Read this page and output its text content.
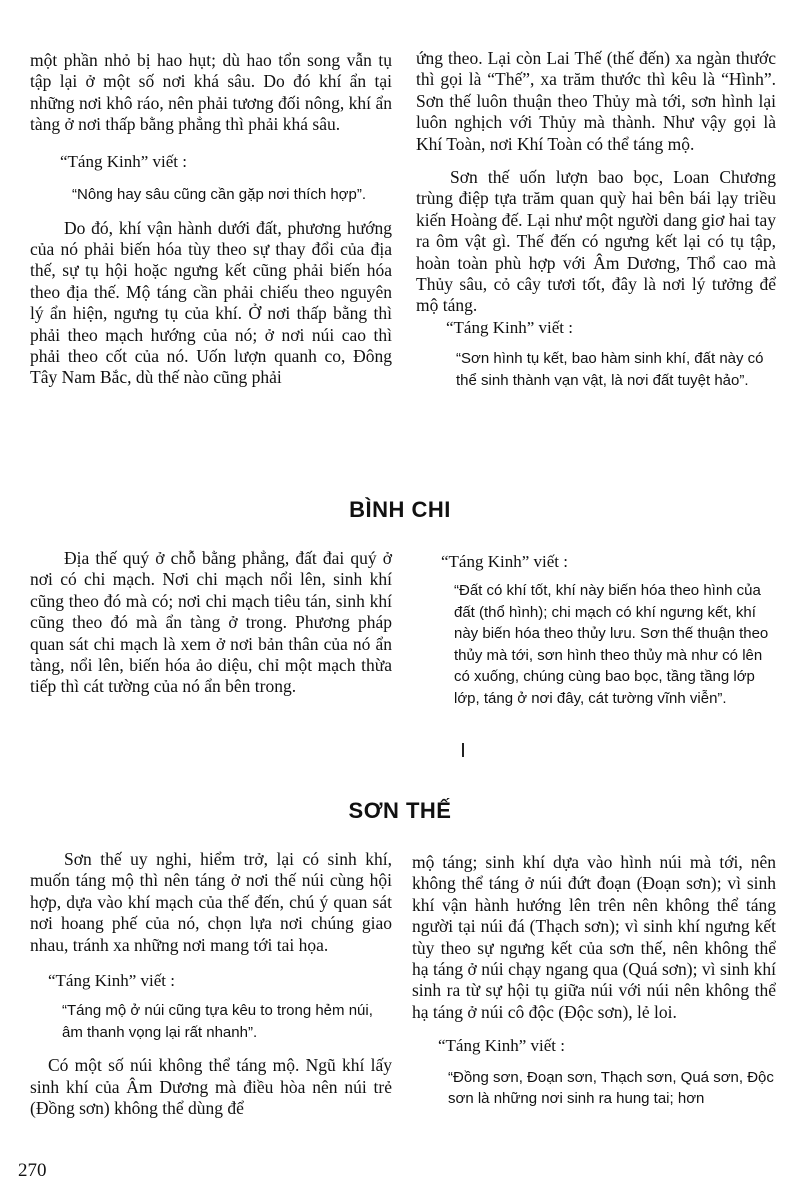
một phần nhỏ bị hao hụt; dù hao tổn song vẫn tụ tập lại ở một số nơi khá sâu. Do đó khí ẩn tại những nơi khô ráo, nên phải tương đối nông, khí ẩn tàng ở nơi thấp bằng phẳng thì phải khá sâu.

“Táng Kinh” viết :

“Nông hay sâu cũng cần gặp nơi thích hợp”.

Do đó, khí vận hành dưới đất, phương hướng của nó phải biến hóa tùy theo sự thay đổi của địa thế, sự tụ hội hoặc ngưng kết cũng phải biến hóa theo địa thế. Mộ táng cần phải chiếu theo nguyên lý ẩn hiện, ngưng tụ của khí. Ở nơi thấp bằng thì phải theo mạch hướng của nó; ở nơi núi cao thì phải theo cốt của nó. Uốn lượn quanh co, Đông Tây Nam Bắc, dù thế nào cũng phải

ứng theo. Lại còn Lai Thế (thế đến) xa ngàn thước thì gọi là “Thế”, xa trăm thước thì kêu là “Hình”. Sơn thế luôn thuận theo Thủy mà tới, sơn hình lại luôn nghịch với Thủy mà thành. Như vậy gọi là Khí Toàn, nơi Khí Toàn có thể táng mộ.

Sơn thế uốn lượn bao bọc, Loan Chương trùng điệp tựa trăm quan quỳ hai bên bái lạy triều kiến Hoàng đế. Lại như một người dang giơ hai tay ra ôm vật gì. Thế đến có ngưng kết lại có tụ tập, hoàn toàn phù hợp với Âm Dương, Thổ cao mà Thủy sâu, cỏ cây tươi tốt, đây là nơi lý tưởng để mộ táng.

“Táng Kinh” viết :

“Sơn hình tụ kết, bao hàm sinh khí, đất này có thể sinh thành vạn vật, là nơi đất tuyệt hảo”.

BÌNH CHI

Địa thế quý ở chỗ bằng phẳng, đất đai quý ở nơi có chi mạch. Nơi chi mạch nổi lên, sinh khí cũng theo đó mà có; nơi chi mạch tiêu tán, sinh khí cũng theo đó mà ẩn tàng ở trong. Phương pháp quan sát chi mạch là xem ở nơi bản thân của nó ẩn tàng, nổi lên, biến hóa ảo diệu, chỉ một mạch thừa tiếp thì cát tường của nó ẩn bên trong.

“Táng Kinh” viết :

“Đất có khí tốt, khí này biến hóa theo hình của đất (thổ hình); chi mạch có khí ngưng kết, khí này biến hóa theo thủy lưu. Sơn thế thuận theo thủy mà tới, sơn hình theo thủy mà như có lên có xuống, chúng cùng bao bọc, tầng tầng lớp lớp, táng ở nơi đây, cát tường vĩnh viễn”.

SƠN THẾ

Sơn thế uy nghi, hiểm trở, lại có sinh khí, muốn táng mộ thì nên táng ở nơi thế núi cùng hội hợp, dựa vào khí mạch của thế đến, chú ý quan sát nơi hoang phế của nó, chọn lựa nơi chúng giao nhau, tránh xa những nơi mang tới tai họa.

“Táng Kinh” viết :

“Táng mộ ở núi cũng tựa kêu to trong hẻm núi, âm thanh vọng lại rất nhanh”.

Có một số núi không thể táng mộ. Ngũ khí lấy sinh khí của Âm Dương mà điều hòa nên núi trẻ (Đồng sơn) không thể dùng để

mộ táng; sinh khí dựa vào hình núi mà tới, nên không thể táng ở núi đứt đoạn (Đoạn sơn); vì sinh khí vận hành hướng lên trên nên không thể táng người tại núi đá (Thạch sơn); vì sinh khí ngưng kết tùy theo sự ngưng kết của sơn thế, nên không thể hạ táng ở núi chạy ngang qua (Quá sơn); vì sinh khí sinh ra từ sự hội tụ giữa núi với núi nên không thể hạ táng ở núi cô độc (Độc sơn), lẻ loi.

“Táng Kinh” viết :

“Đồng sơn, Đoạn sơn, Thạch sơn, Quá sơn, Độc sơn là những nơi sinh ra hung tai; hơn

270
